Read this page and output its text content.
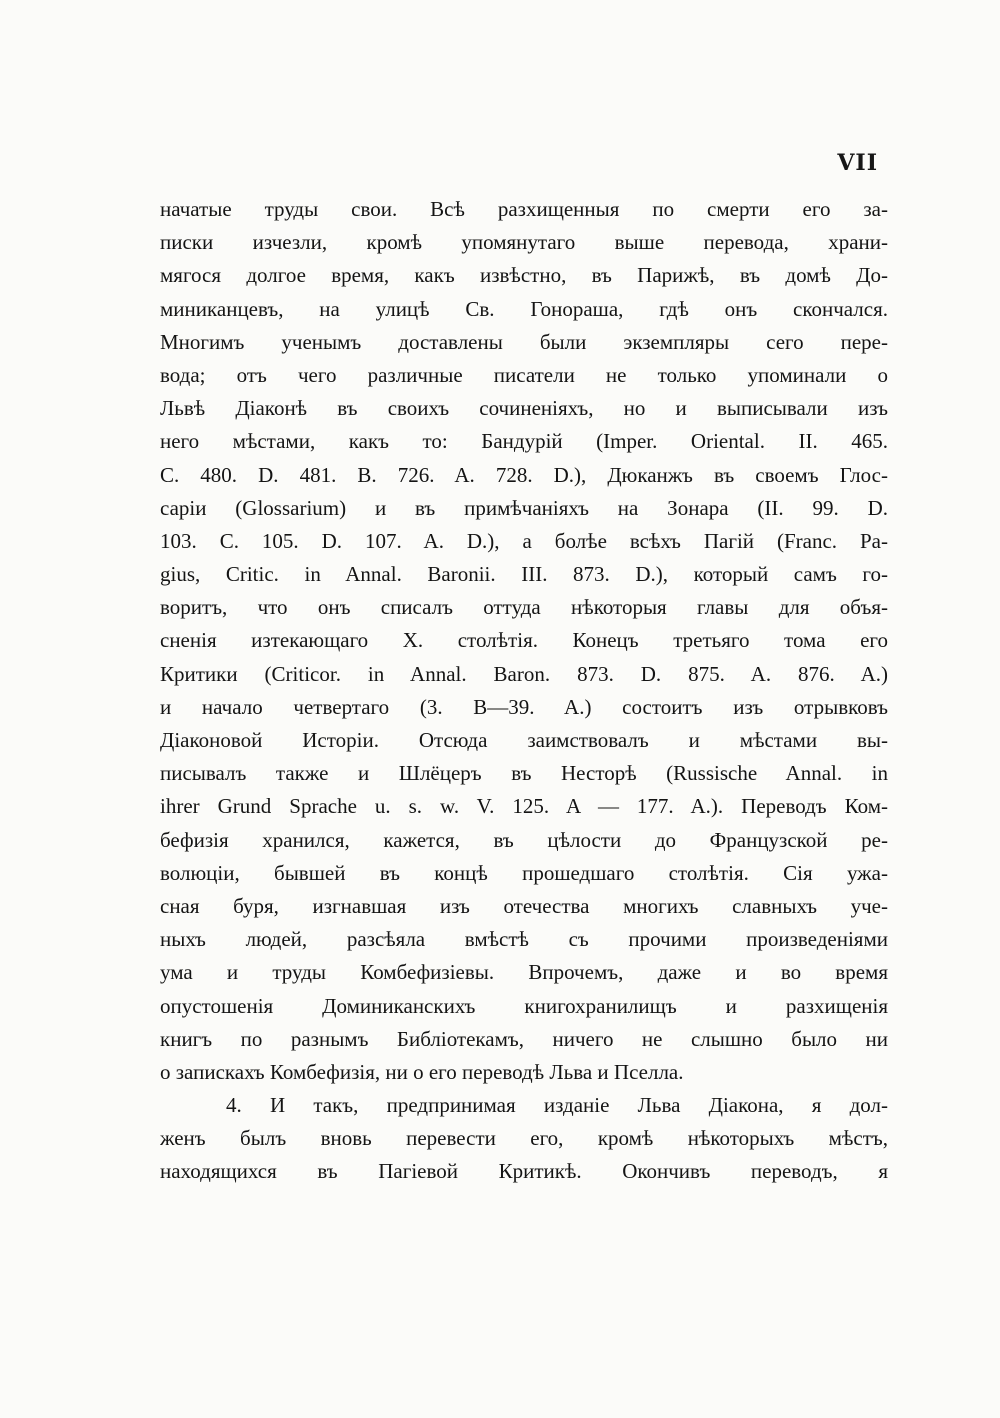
VII
начатые труды свои. Всѣ разхищенныя по смерти его за-
писки изчезли, кромѣ упомянутаго выше перевода, храни-
мягося долгое время, какъ извѣстно, въ Парижѣ, въ домѣ До-
миниканцевъ, на улицѣ Св. Гонораша, гдѣ онъ скончался.
Многимъ ученымъ доставлены были экземпляры сего пере-
вода; отъ чего различные писатели не только упоминали о
Львѣ Діаконѣ въ своихъ сочиненіяхъ, но и выписывали изъ
него мѣстами, какъ то: Бандурій (Imper. Oriental. II. 465.
C. 480. D. 481. B. 726. A. 728. D.), Дюканжъ въ своемъ Глос-
саріи (Glossarium) и въ примѣчаніяхъ на Зонара (II. 99. D.
103. C. 105. D. 107. A. D.), а болѣе всѣхъ Пагій (Franc. Pa-
gius, Critic. in Annal. Baronii. III. 873. D.), который самъ го-
воритъ, что онъ списалъ оттуда нѣкоторыя главы для объя-
сненія изтекающаго X. столѣтія. Конецъ третьяго тома его
Критики (Criticor. in Annal. Baron. 873. D. 875. A. 876. A.)
и начало четвертаго (3. B—39. A.) состоитъ изъ отрывковъ
Діаконовой Исторіи. Отсюда заимствовалъ и мѣстами вы-
писывалъ также и Шлёцеръ въ Несторѣ (Russische Annal. in
ihrer Grund Sprache u. s. w. V. 125. A — 177. A.). Переводъ Ком-
бефизія хранился, кажется, въ цѣлости до Французской ре-
волюціи, бывшей въ концѣ прошедшаго столѣтія. Сія ужа-
сная буря, изгнавшая изъ отечества многихъ славныхъ уче-
ныхъ людей, разсѣяла вмѣстѣ съ прочими произведеніями
ума и труды Комбефизіевы. Впрочемъ, даже и во время
опустошенія Доминиканскихъ книгохранилищъ и разхищенія
книгъ по разнымъ Библіотекамъ, ничего не слышно было ни
о запискахъ Комбефизія, ни о его переводѣ Льва и Пселла.
4. И такъ, предпринимая изданіе Льва Діакона, я дол-
женъ былъ вновь перевести его, кромѣ нѣкоторыхъ мѣстъ,
находящихся въ Пагіевой Критикѣ. Окончивъ переводъ, я
